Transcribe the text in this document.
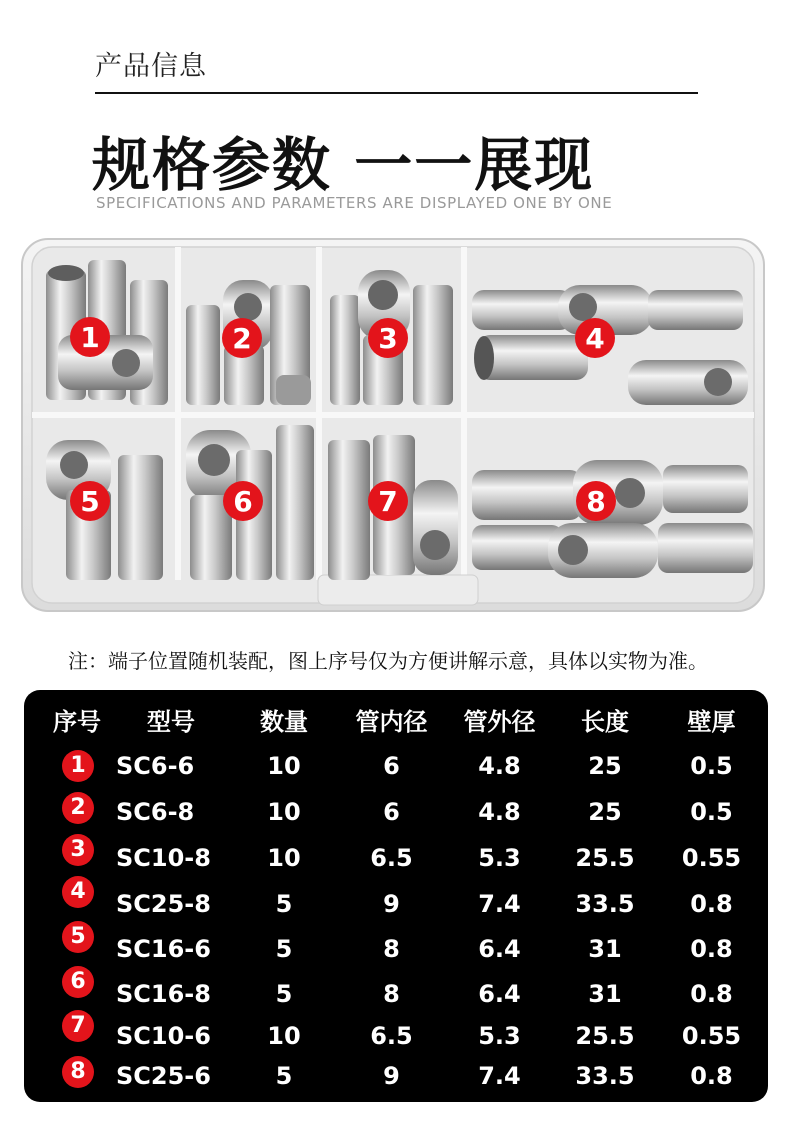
产品信息
规格参数 一一展现
SPECIFICATIONS AND PARAMETERS ARE DISPLAYED ONE BY ONE
1	2	3	4
5	6	7	8
注：端子位置随机装配，图上序号仅为方便讲解示意，具体以实物为准。
序号	型号	数量	管内径	管外径	长度	壁厚
1	SC6-6	10	6	4.8	25	0.5
2	SC6-8	10	6	4.8	25	0.5
3	SC10-8	10	6.5	5.3	25.5	0.55
4	SC25-8	5	9	7.4	33.5	0.8
5	SC16-6	5	8	6.4	31	0.8
6	SC16-8	5	8	6.4	31	0.8
7	SC10-6	10	6.5	5.3	25.5	0.55
8	SC25-6	5	9	7.4	33.5	0.8
